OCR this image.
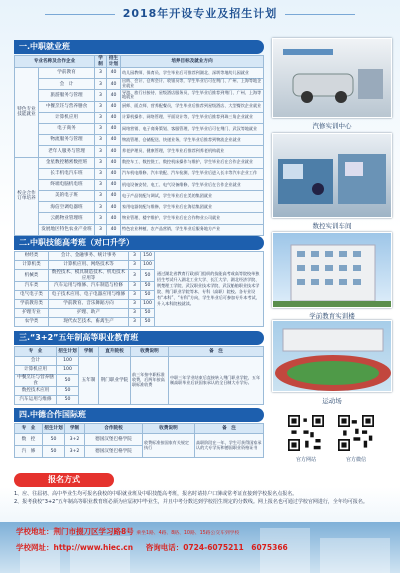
2018年开设专业及招生计划
一.中职就业班
专业名称及合作企业		学制	招生计划	培养目标及就业方向
特色专业技能就业	学前教育	3	40	幼儿园教师、保育员、学生毕业后可推荐到湖北、深圳等地幼儿园就业
	会　计	3	40	出纳、会计、仓库会计、收银员等，学生毕业后可在荆门、广州、上海等地企业就业
	旅游服务与管理	3	40	导游、旅行社接待、星级酒店服务员，学生毕业后推荐到荆门、广州、上海等地就业
	中餐烹饪与营养膳食	3	40	厨师、面点师、营养配餐员，学生毕业后推荐到星级酒店、大型餐饮企业就业
	计算机应用	3	40	计算机操作、网络管理、平面设计等，学生毕业后推荐到珠三角企业就业
	电子商务	3	40	网络营销、电子商务策划、客服管理，学生毕业后可在荆门、武汉等地就业
	物流服务与管理	3	40	物流管理、仓储配送、快递业务，学生毕业后推荐到物流企业就业
	老年人服务与管理	3	40	养老护理员、健康管理，学生毕业后推荐到养老机构就业
校企合作订单培养	金星数控精密数控班	3	40	数控车工、数控铣工、数控机床操作与维护，学生毕业后在合作企业就业
	长丰机电汽车班	3	40	汽车机电维修、汽车装配、汽车检测，学生毕业后进入长丰等汽车企业工作
	终端电脑机电班	3	40	机电设备安装、电工、电气设备维修，学生毕业后在合作企业就业
	美的电子班	3	40	电子产品装配与调试，学生毕业后在美的集团就业
	海信空调电器班	3	40	家用电器装配与维修，学生毕业后在海信集团就业
	云鹤物业管理班	3	40	物业管理、楼宇维护，学生毕业后在合作物业公司就业
	发展地区特色农业产业班	3	40	特色农业种植、农产品营销，学生毕业后服务地方产业
二.中职技能高考班（对口升学）
财经类	会计、金融事务、统计事务	3	150	通过湖北省教育行政部门组织的技能高考或高等院校单独招生考试升入湖北工业大学、长江大学、湖北经济学院、荆楚理工学院、武汉职业技术学院、武汉船舶职业技术学院、荆门职业学院等本、专科（高职）院校。各专业设有“本科”、“专科”方向，学生毕业后可参加专升本考试，升入本科院校就读。
计算机类	计算机应用、网络技术等	3	100	
机械类	数控技术、模具制造技术、机电技术应用等	3	50	
汽车类	汽车运用与维修、汽车制造与检修	3	50	
电气电子类	电子技术应用、电子电器应用与维修	3	50	
学前教育类	学前教育、音乐舞蹈方向	3	100	
护理专业	护理、助产	3	50	
农学类	现代农艺技术、畜禽生产	3	50	
三.“3+2”五年制高等职业教育班
专　业	招生计划	学制	直升院校	收费说明	备　注
会计	100	五年制	荆门职业学院	前三年按中职标准收费，后两年按高职标准收费	中职三年学业结束后直接转入荆门职业学院，五年制高职毕业后获国家承认的全日制大专学历。
计算机应用	100				
中餐烹饪与营养膳食	50				
数控技术应用	50				
汽车运用与维修	50				
四.中德合作国际班
专　业	招生计划	学制	合作院校	收费说明	备　注
数　控	50	3+2	德国汉堡巴格学院	收费标准按国家有关规定执行	高职阶段在一年，学生可获得国家承认的大专学历和德国职业资格证书
汽　修	50	3+2	德国汉堡巴格学院		
汽修实训中心
数控实训车间
学前教育实训楼
运动场
官方网站	官方微信
报名方式
1、应、往届初、高中毕业生均可报名我校的中职就业班及中职技能高考班，报名时请持户口簿或常考证直接到学校报名点报名。
2、报考我校“3+2”五年制高等职业教育班必须为应届初中毕业生，并且中考分数达到学校招生规定的分数线。网上报名也可通过学校官网进行，全年均可报名。
学校地址：荆门市掇刀区学习路8号 乘坐1路、4路、8路、10路、15路公交车到学校
学校网址：http://www.hiec.cn 咨询电话：0724-6075211　6075366
